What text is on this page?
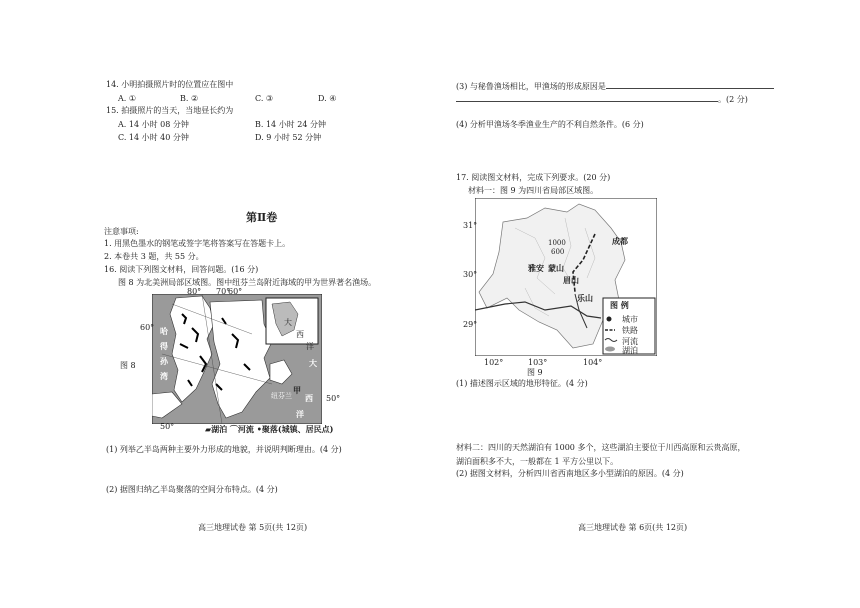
14. 小明拍摄照片时的位置应在图中
A. ①	B. ②	C. ③	D. ④
15. 拍摄照片的当天，当地昼长约为
A. 14 小时 08 分钟	B. 14 小时 24 分钟
C. 14 小时 40 分钟	D. 9 小时 52 分钟
第Ⅱ卷
注意事项:
1. 用黑色墨水的钢笔或签字笔将答案写在答题卡上。
2. 本卷共 3 题，共 55 分。
16. 阅读下列图文材料，回答问题。(16 分)
图 8 为北美洲局部区域图。图中纽芬兰岛附近海域的甲为世界著名渔场。
图 8
纽芬兰
80° 70°
60°
60°
50°
50°
哈
得
孙
湾
甲
大
西
洋
大
西
洋
▰湖泊 ⌒河流 •聚落(城镇、居民点)
(1) 列举乙半岛两种主要外力形成的地貌，并说明判断理由。(4 分)
(2) 据图归纳乙半岛聚落的空间分布特点。(4 分)
高三地理试卷 第 5页(共 12页)
(3) 与秘鲁渔场相比，甲渔场的形成原因是
。(2 分)
(4) 分析甲渔场冬季渔业生产的不利自然条件。(6 分)
17. 阅读图文材料，完成下列要求。(20 分)
材料一：图 9 为四川省局部区域图。
31°
30°
29°
102°	103°	104°
1000
600
成都
雅安 蒙山
眉山
乐山
图 例
城市
铁路
河流
湖泊
图 9
(1) 描述图示区域的地形特征。(4 分)
材料二：四川的天然湖泊有 1000 多个，这些湖泊主要位于川西高原和云贵高原，湖泊面积多不大，一般都在 1 平方公里以下。
(2) 据图文材料，分析四川省西南地区多小型湖泊的原因。(4 分)
高三地理试卷 第 6页(共 12页)
